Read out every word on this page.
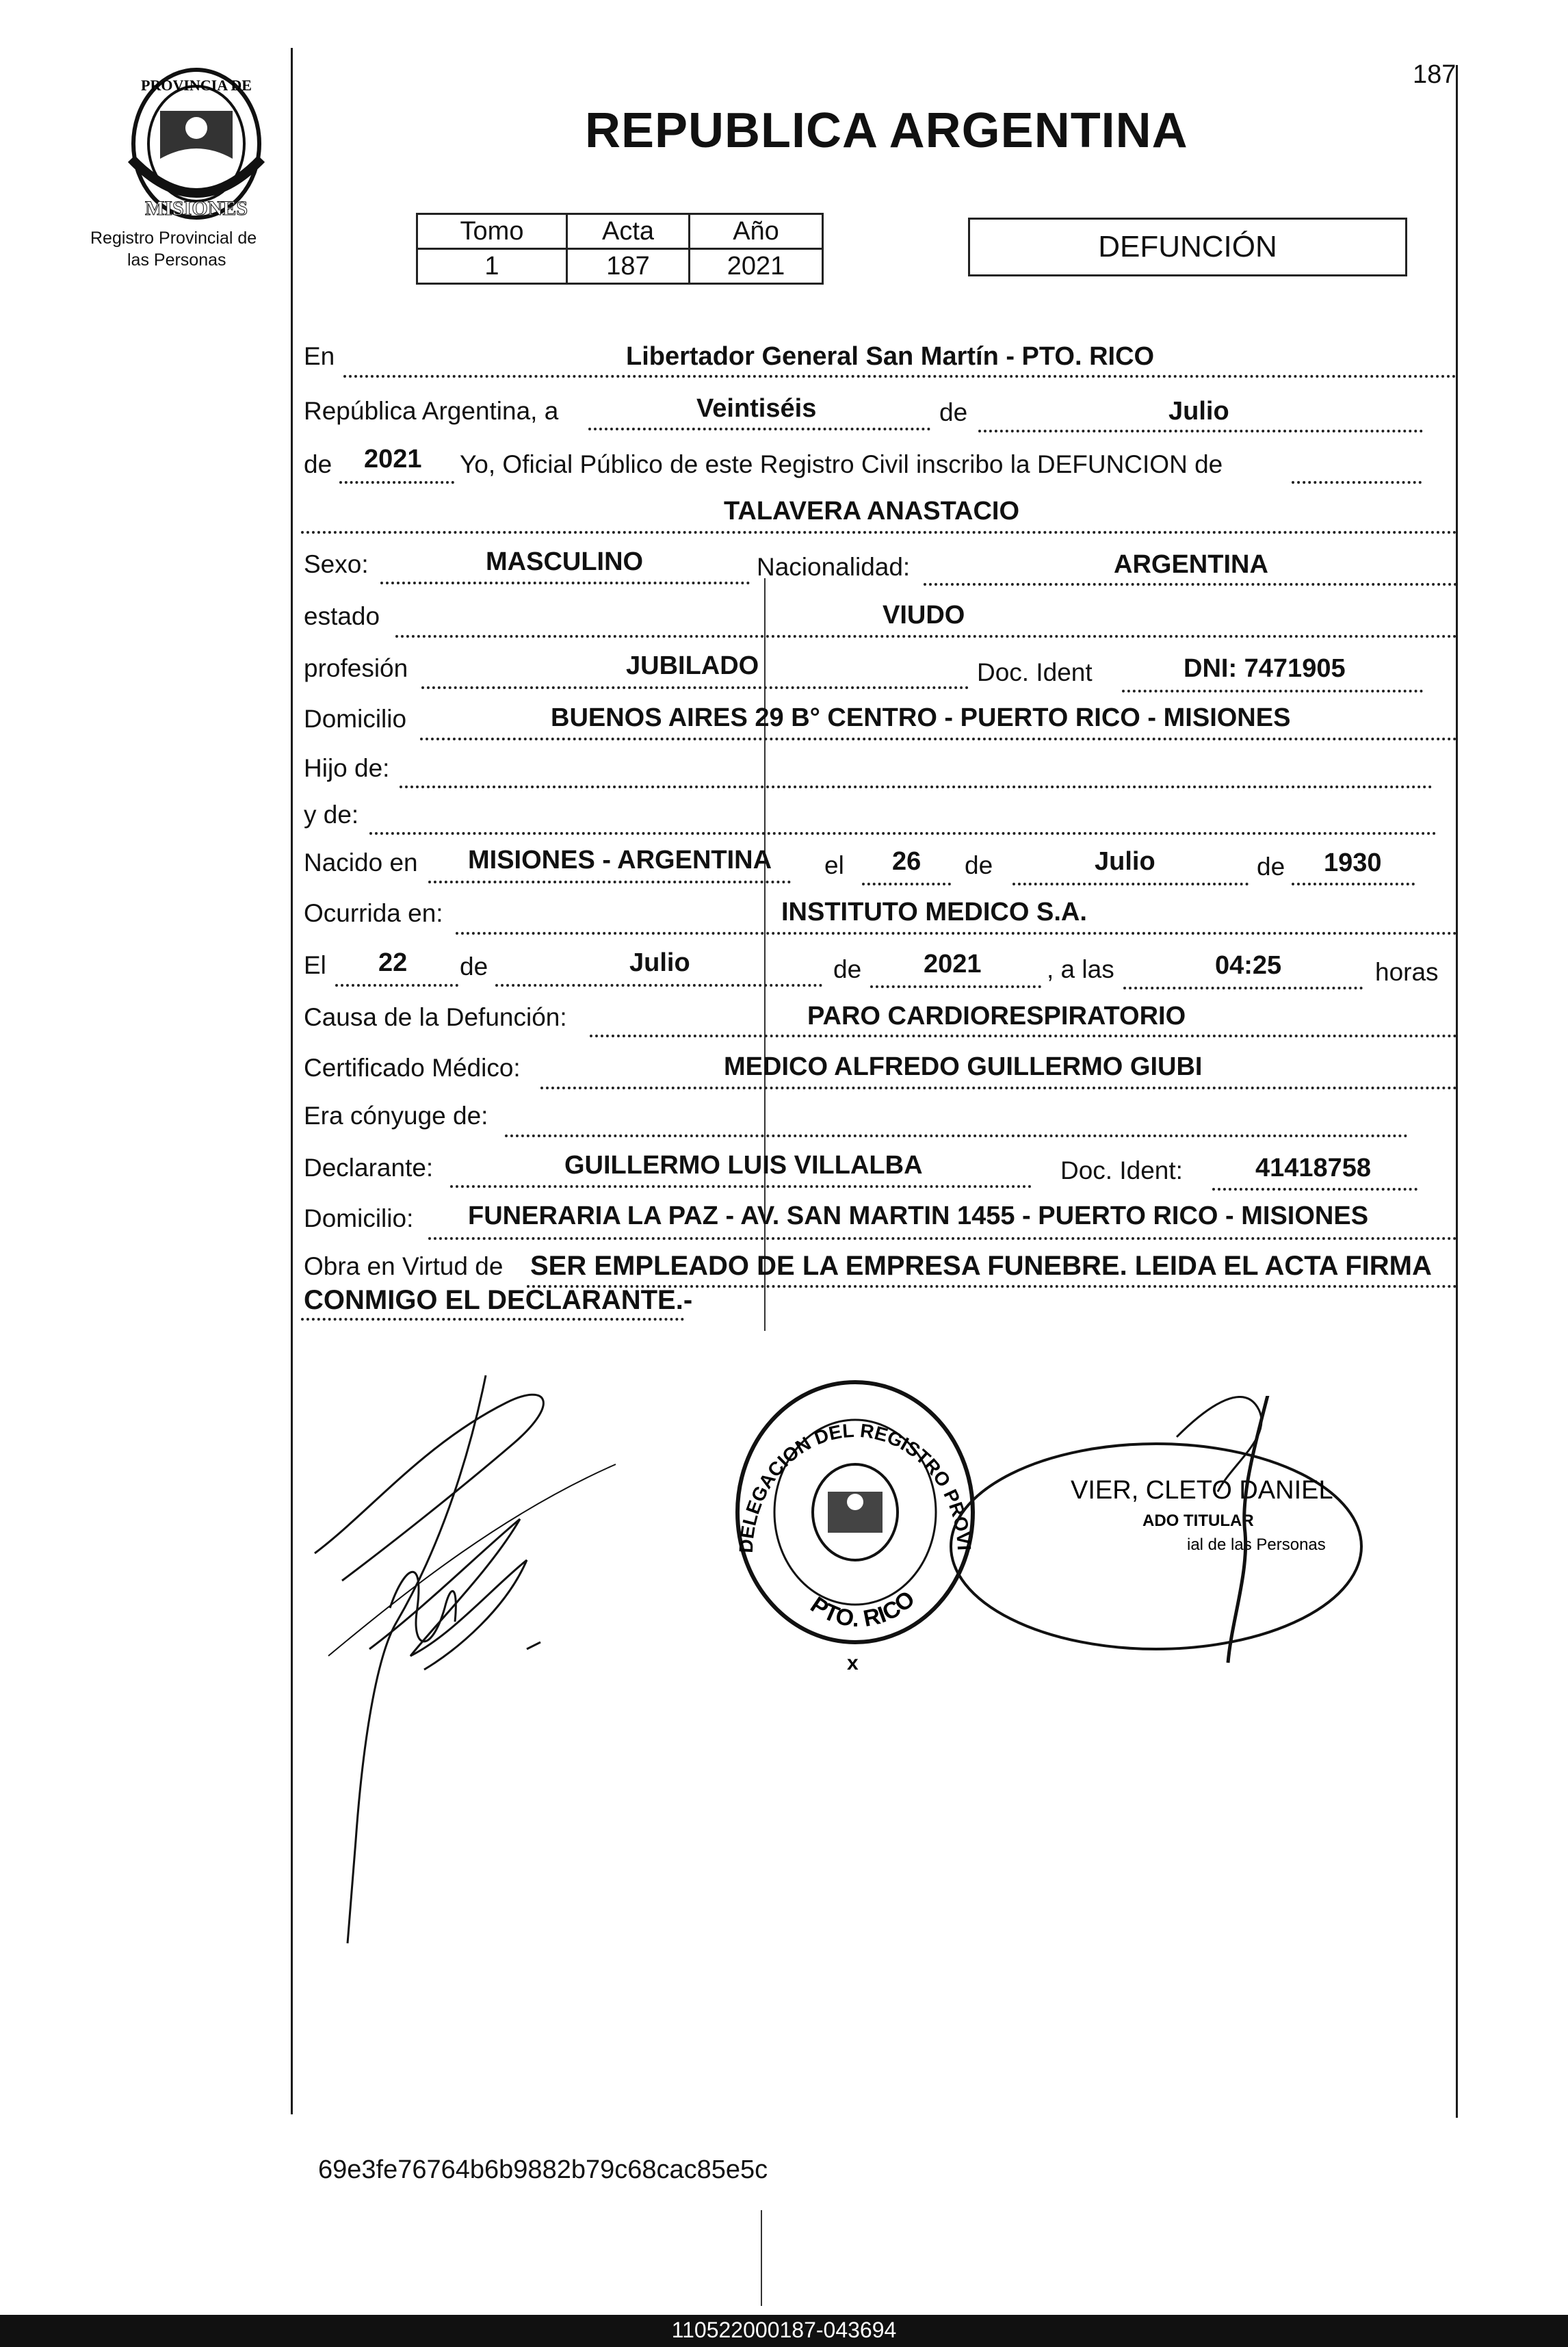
187
PROVINCIA DE
MISIONES
Registro Provincial de
las Personas
REPUBLICA ARGENTINA
Tomo	Acta	Año
1	187	2021
DEFUNCIÓN
En	Libertador General San Martín - PTO. RICO
República Argentina, a	Veintiséis	de	Julio
de 2021 Yo, Oficial Público de este Registro Civil inscribo la DEFUNCION de
TALAVERA ANASTACIO
Sexo:	MASCULINO	Nacionalidad:	ARGENTINA
estado	VIUDO
profesión	JUBILADO	Doc. Ident	DNI: 7471905
Domicilio	BUENOS AIRES 29 B° CENTRO - PUERTO RICO - MISIONES
Hijo de:
y de:
Nacido en MISIONES - ARGENTINA el 26 de	Julio	de 1930
Ocurrida en:	INSTITUTO MEDICO S.A.
El 22 de	Julio	de 2021	, a las	04:25	horas
Causa de la Defunción:	PARO CARDIORESPIRATORIO
Certificado Médico:	MEDICO ALFREDO GUILLERMO GIUBI
Era cónyuge de:
Declarante:	GUILLERMO LUIS VILLALBA	Doc. Ident:	41418758
Domicilio: FUNERARIA LA PAZ - AV. SAN MARTIN 1455 - PUERTO RICO - MISIONES
Obra en Virtud de SER EMPLEADO DE LA EMPRESA FUNEBRE. LEIDA EL ACTA FIRMA
CONMIGO EL DECLARANTE.-
DELEGACION DEL REGISTRO PROVI
PTO. RICO
x
VIER, CLETO DANIEL
ADO TITULAR
ial de las Personas
69e3fe76764b6b9882b79c68cac85e5c
110522000187-043694
